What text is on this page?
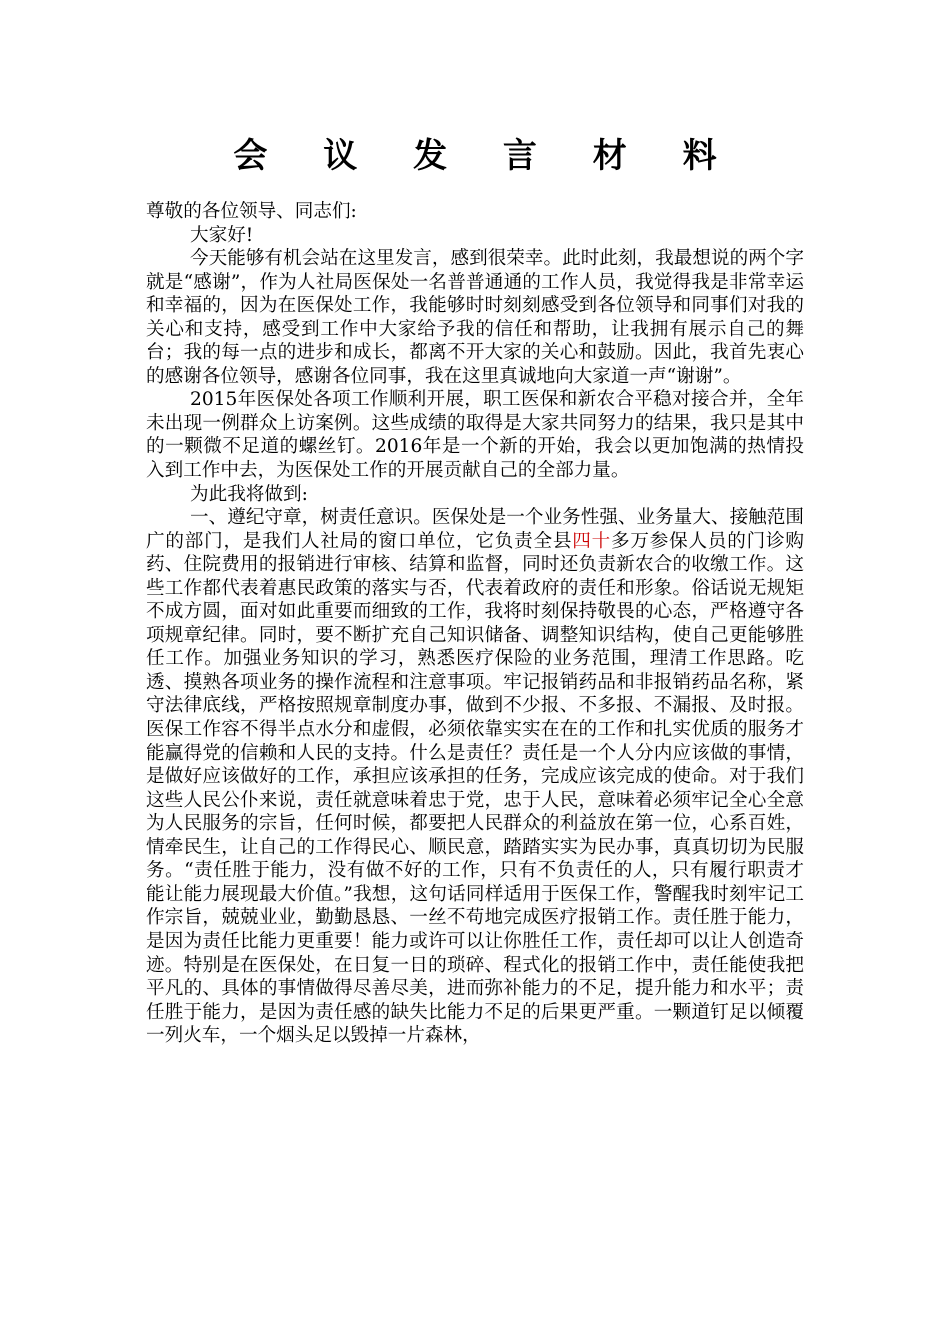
会 议 发 言 材 料

尊敬的各位领导、同志们:

大家好!

今天能够有机会站在这里发言，感到很荣幸。此时此刻，我最想说的两个字就是“感谢”，作为人社局医保处一名普普通通的工作人员，我觉得我是非常幸运和幸福的，因为在医保处工作，我能够时时刻刻感受到各位领导和同事们对我的关心和支持，感受到工作中大家给予我的信任和帮助，让我拥有展示自己的舞台；我的每一点的进步和成长，都离不开大家的关心和鼓励。因此，我首先衷心的感谢各位领导，感谢各位同事，我在这里真诚地向大家道一声“谢谢”。

2015年医保处各项工作顺利开展，职工医保和新农合平稳对接合并，全年未出现一例群众上访案例。这些成绩的取得是大家共同努力的结果，我只是其中的一颗微不足道的螺丝钉。2016年是一个新的开始，我会以更加饱满的热情投入到工作中去，为医保处工作的开展贡献自己的全部力量。

为此我将做到:

一、遵纪守章，树责任意识。医保处是一个业务性强、业务量大、接触范围广的部门，是我们人社局的窗口单位，它负责全县四十多万参保人员的门诊购药、住院费用的报销进行审核、结算和监督，同时还负责新农合的收缴工作。这些工作都代表着惠民政策的落实与否，代表着政府的责任和形象。俗话说无规矩不成方圆，面对如此重要而细致的工作，我将时刻保持敬畏的心态，严格遵守各项规章纪律。同时，要不断扩充自己知识储备、调整知识结构，使自己更能够胜任工作。加强业务知识的学习，熟悉医疗保险的业务范围，理清工作思路。吃透、摸熟各项业务的操作流程和注意事项。牢记报销药品和非报销药品名称，紧守法律底线，严格按照规章制度办事，做到不少报、不多报、不漏报、及时报。医保工作容不得半点水分和虚假，必须依靠实实在在的工作和扎实优质的服务才能赢得党的信赖和人民的支持。什么是责任？责任是一个人分内应该做的事情，是做好应该做好的工作，承担应该承担的任务，完成应该完成的使命。对于我们这些人民公仆来说，责任就意味着忠于党，忠于人民，意味着必须牢记全心全意为人民服务的宗旨，任何时候，都要把人民群众的利益放在第一位，心系百姓，情牵民生，让自己的工作得民心、顺民意，踏踏实实为民办事，真真切切为民服务。“责任胜于能力，没有做不好的工作，只有不负责任的人，只有履行职责才能让能力展现最大价值。”我想，这句话同样适用于医保工作，警醒我时刻牢记工作宗旨，兢兢业业，勤勤恳恳、一丝不苟地完成医疗报销工作。责任胜于能力，是因为责任比能力更重要！能力或许可以让你胜任工作，责任却可以让人创造奇迹。特别是在医保处，在日复一日的琐碎、程式化的报销工作中，责任能使我把平凡的、具体的事情做得尽善尽美，进而弥补能力的不足，提升能力和水平；责任胜于能力，是因为责任感的缺失比能力不足的后果更严重。一颗道钉足以倾覆一列火车，一个烟头足以毁掉一片森林，
